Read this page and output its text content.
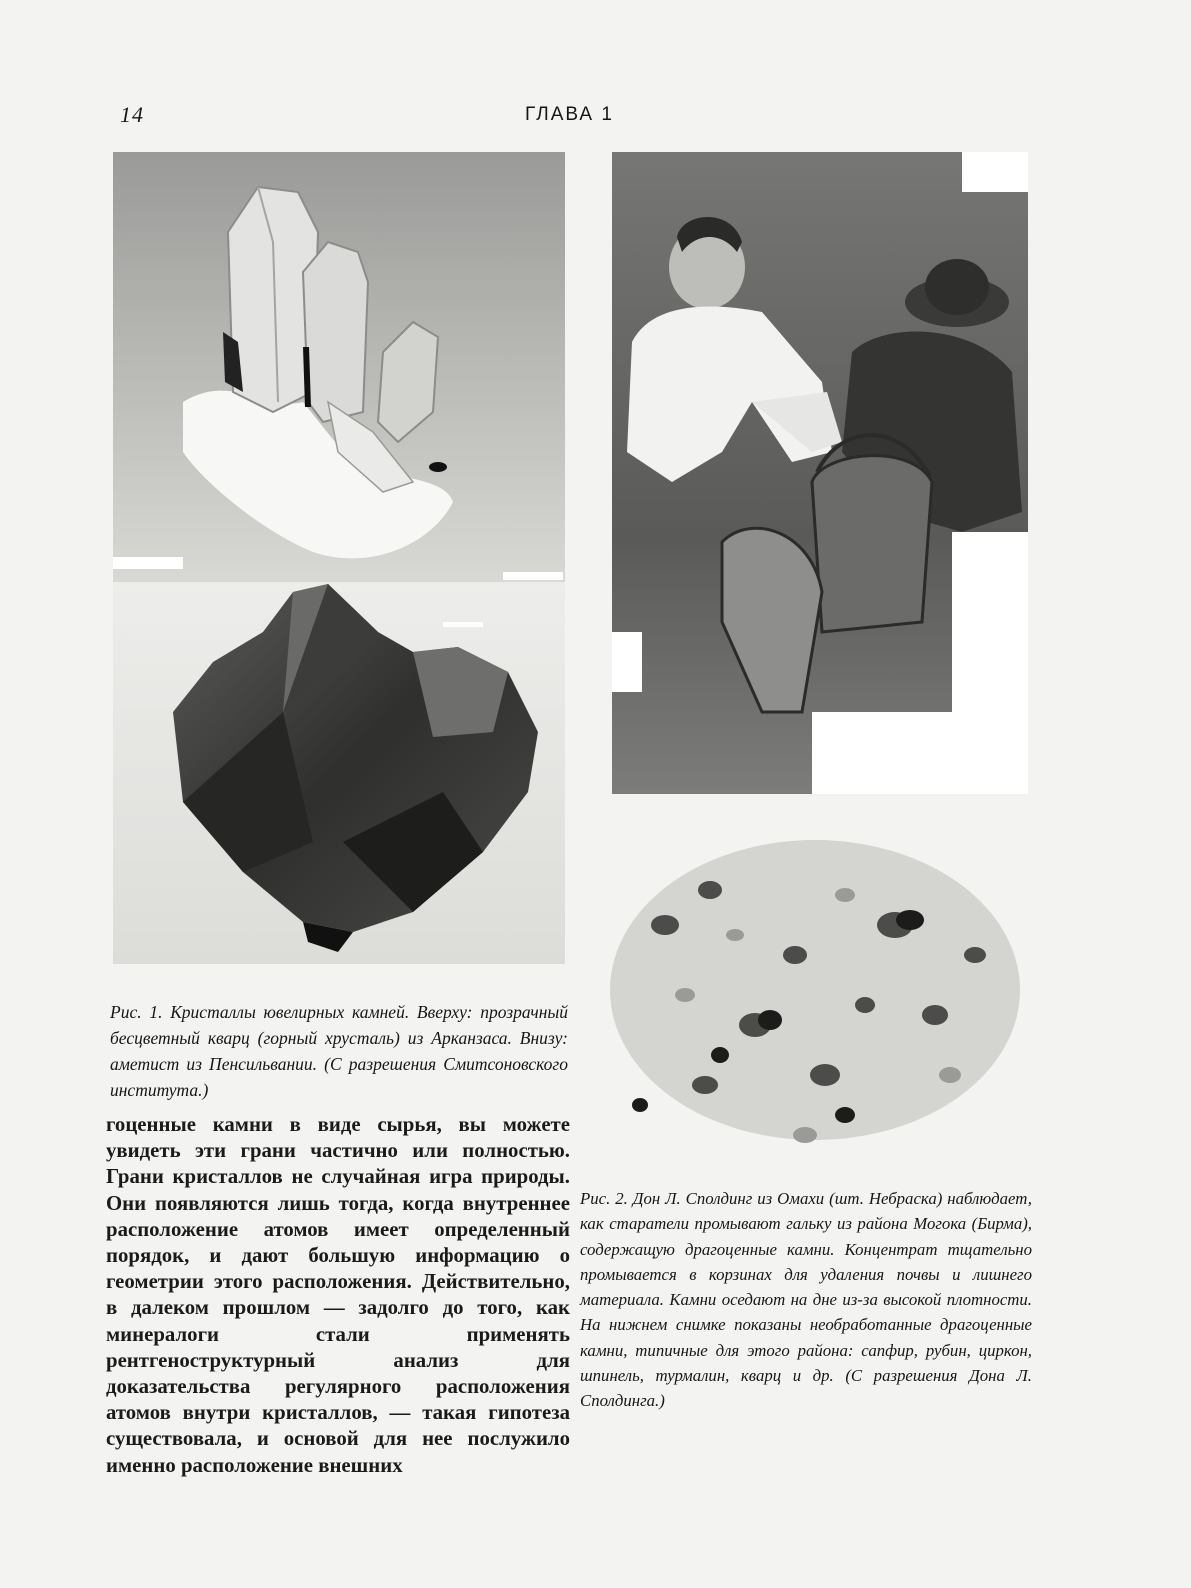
14	ГЛАВА 1
Рис. 1. Кристаллы ювелирных камней. Вверху: прозрачный бесцветный кварц (горный хрусталь) из Арканзаса. Внизу: аметист из Пенсильвании. (С разрешения Смитсоновского института.)
гоценные камни в виде сырья, вы можете увидеть эти грани частично или полностью. Грани кристаллов не случайная игра природы. Они появляются лишь тогда, когда внутреннее расположение атомов имеет определенный порядок, и дают большую информацию о геометрии этого расположения. Действительно, в далеком прошлом — задолго до того, как минералоги стали применять рентгеноструктурный анализ для доказательства регулярного расположения атомов внутри кристаллов, — такая гипотеза существовала, и основой для нее послужило именно расположение внешних
Рис. 2. Дон Л. Сполдинг из Омахи (шт. Небраска) наблюдает, как старатели промывают гальку из района Могока (Бирма), содержащую драгоценные камни. Концентрат тщательно промывается в корзинах для удаления почвы и лишнего материала. Камни оседают на дне из-за высокой плотности. На нижнем снимке показаны необработанные драгоценные камни, типичные для этого района: сапфир, рубин, циркон, шпинель, турмалин, кварц и др. (С разрешения Дона Л. Сполдинга.)
